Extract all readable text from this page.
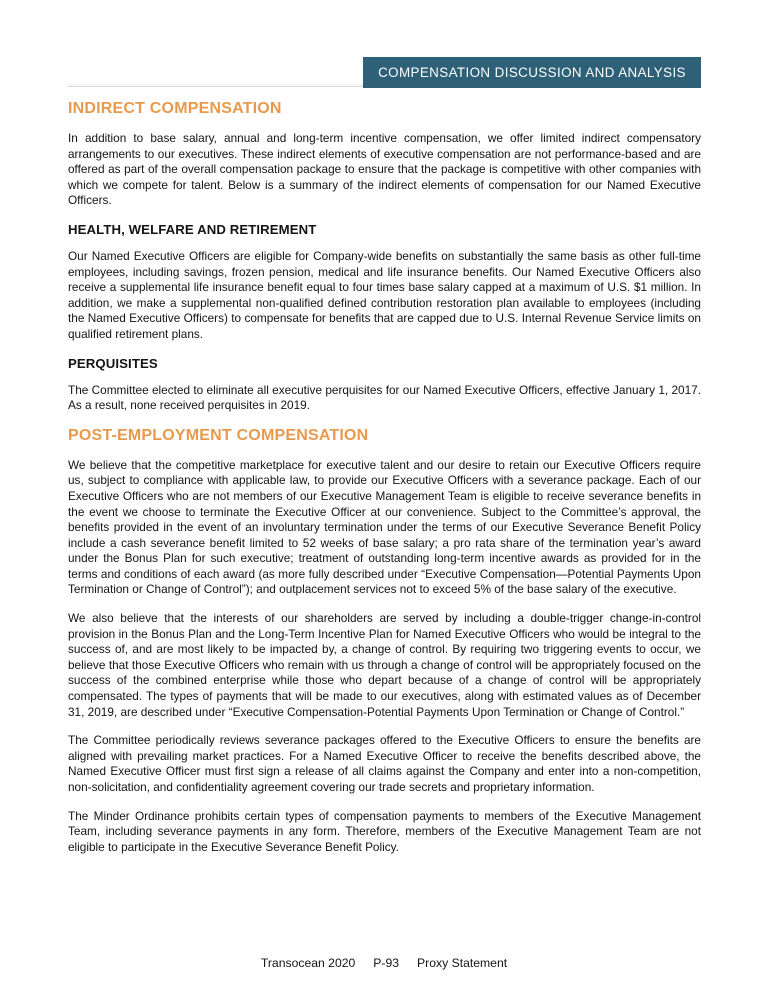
COMPENSATION DISCUSSION AND ANALYSIS
INDIRECT COMPENSATION

In addition to base salary, annual and long-term incentive compensation, we offer limited indirect compensatory arrangements to our executives. These indirect elements of executive compensation are not performance-based and are offered as part of the overall compensation package to ensure that the package is competitive with other companies with which we compete for talent. Below is a summary of the indirect elements of compensation for our Named Executive Officers.

HEALTH, WELFARE AND RETIREMENT

Our Named Executive Officers are eligible for Company-wide benefits on substantially the same basis as other full-time employees, including savings, frozen pension, medical and life insurance benefits. Our Named Executive Officers also receive a supplemental life insurance benefit equal to four times base salary capped at a maximum of U.S. $1 million. In addition, we make a supplemental non-qualified defined contribution restoration plan available to employees (including the Named Executive Officers) to compensate for benefits that are capped due to U.S. Internal Revenue Service limits on qualified retirement plans.

PERQUISITES

The Committee elected to eliminate all executive perquisites for our Named Executive Officers, effective January 1, 2017. As a result, none received perquisites in 2019.

POST-EMPLOYMENT COMPENSATION

We believe that the competitive marketplace for executive talent and our desire to retain our Executive Officers require us, subject to compliance with applicable law, to provide our Executive Officers with a severance package. Each of our Executive Officers who are not members of our Executive Management Team is eligible to receive severance benefits in the event we choose to terminate the Executive Officer at our convenience. Subject to the Committee’s approval, the benefits provided in the event of an involuntary termination under the terms of our Executive Severance Benefit Policy include a cash severance benefit limited to 52 weeks of base salary; a pro rata share of the termination year’s award under the Bonus Plan for such executive; treatment of outstanding long-term incentive awards as provided for in the terms and conditions of each award (as more fully described under “Executive Compensation—Potential Payments Upon Termination or Change of Control”); and outplacement services not to exceed 5% of the base salary of the executive.

We also believe that the interests of our shareholders are served by including a double-trigger change-in-control provision in the Bonus Plan and the Long-Term Incentive Plan for Named Executive Officers who would be integral to the success of, and are most likely to be impacted by, a change of control. By requiring two triggering events to occur, we believe that those Executive Officers who remain with us through a change of control will be appropriately focused on the success of the combined enterprise while those who depart because of a change of control will be appropriately compensated. The types of payments that will be made to our executives, along with estimated values as of December 31, 2019, are described under “Executive Compensation-Potential Payments Upon Termination or Change of Control.”

The Committee periodically reviews severance packages offered to the Executive Officers to ensure the benefits are aligned with prevailing market practices. For a Named Executive Officer to receive the benefits described above, the Named Executive Officer must first sign a release of all claims against the Company and enter into a non-competition, non-solicitation, and confidentiality agreement covering our trade secrets and proprietary information.

The Minder Ordinance prohibits certain types of compensation payments to members of the Executive Management Team, including severance payments in any form. Therefore, members of the Executive Management Team are not eligible to participate in the Executive Severance Benefit Policy.

Transocean 2020 P-93 Proxy Statement
